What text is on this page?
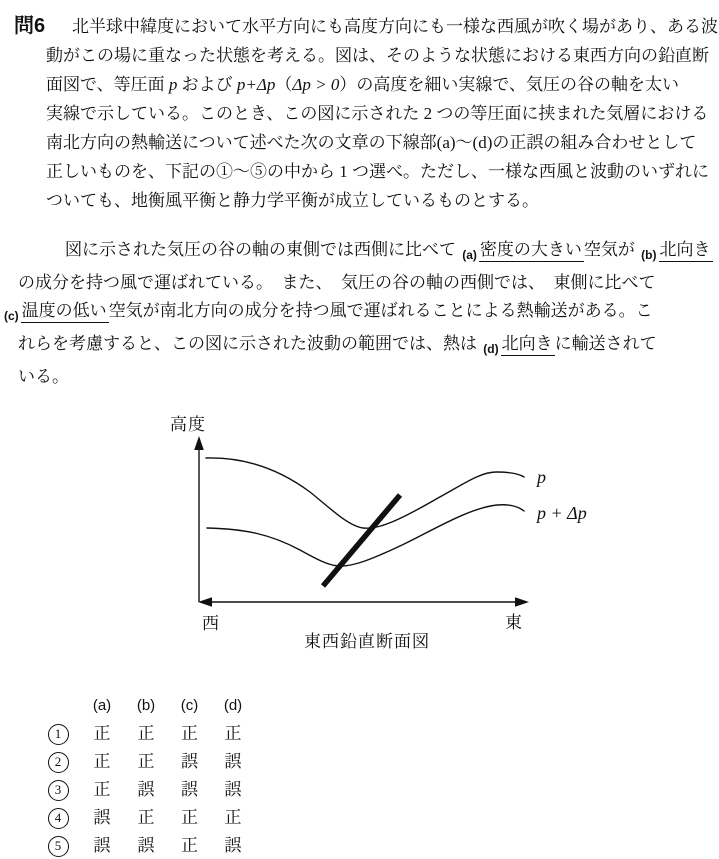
問6	北半球中緯度において水平方向にも高度方向にも一様な西風が吹く場があり、ある波
動がこの場に重なった状態を考える。図は、そのような状態における東西方向の鉛直断
面図で、等圧面 p および p+Δp（Δp > 0）の高度を細い実線で、気圧の谷の軸を太い
実線で示している。このとき、この図に示された 2 つの等圧面に挟まれた気層における
南北方向の熱輸送について述べた次の文章の下線部(a)～(d)の正誤の組み合わせとして
正しいものを、下記の①～⑤の中から 1 つ選べ。ただし、一様な西風と波動のいずれに
ついても、地衡風平衡と静力学平衡が成立しているものとする。
図に示された気圧の谷の軸の東側では西側に比べて $_{(a)}$ 密度の大きい 空気が $_{(b)}$ 北向き
の成分を持つ風で運ばれている。　また、　気圧の谷の軸の西側では、　東側に比べて
$_{(c)}$ 温度の低い 空気が南北方向の成分を持つ風で運ばれることによる熱輸送がある。こ
れらを考慮すると、この図に示された波動の範囲では、熱は $_{(d)}$ 北向き に輸送されて
いる。
高度
p
p + Δp
西	東
東西鉛直断面図
(a)	(b)	(c)	(d)
1	正	正	正	正
2	正	正	誤	誤
3	正	誤	誤	誤
4	誤	正	正	正
5	誤	誤	正	誤
